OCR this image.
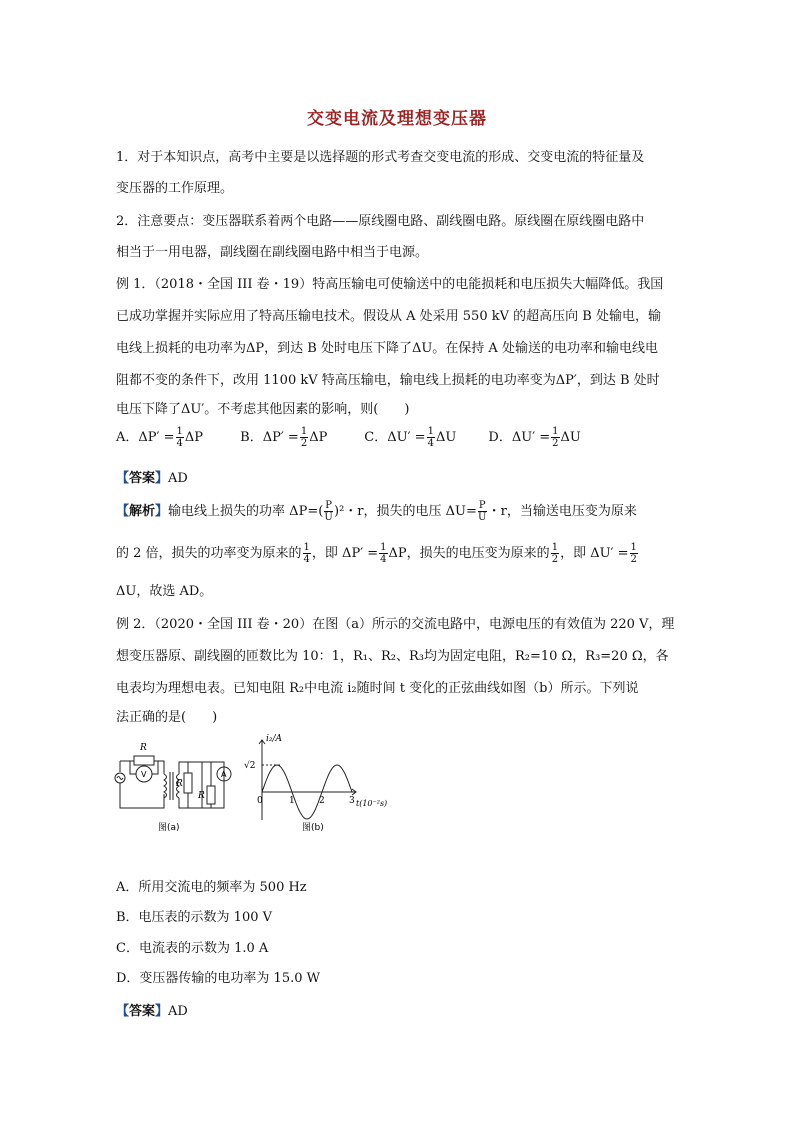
交变电流及理想变压器
1．对于本知识点，高考中主要是以选择题的形式考查交变电流的形成、交变电流的特征量及
变压器的工作原理。
2．注意要点：变压器联系着两个电路——原线圈电路、副线圈电路。原线圈在原线圈电路中
相当于一用电器，副线圈在副线圈电路中相当于电源。
例 1．（2018・全国 III 卷・19）特高压输电可使输送中的电能损耗和电压损失大幅降低。我国
已成功掌握并实际应用了特高压输电技术。假设从 A 处采用 550 kV 的超高压向 B 处输电，输
电线上损耗的电功率为ΔP，到达 B 处时电压下降了ΔU。在保持 A 处输送的电功率和输电线电
阻都不变的条件下，改用 1100 kV 特高压输电，输电线上损耗的电功率变为ΔP′，到达 B 处时
电压下降了ΔU′。不考虑其他因素的影响，则(　　)
A．$\Delta P' = \frac{1}{4}$ ΔP	B．$\Delta P' = \frac{1}{2}$ ΔP	C．$\Delta U' = \frac{1}{4}$ ΔU D．$\Delta U' = \frac{1}{2}$ ΔU
【答案】AD
【解析】输电线上损失的功率 $\Delta P=( \frac{P}{U} )^2$・r，损失的电压 $\Delta U= \frac{P}{U}$ ・r，当输送电压变为原来
的 2 倍，损失的功率变为原来的 $\frac{1}{4}$ ，即 $\Delta P' = \frac{1}{4}$ ΔP，损失的电压变为原来的 $\frac{1}{2}$ ，即 $\Delta U' = \frac{1}{2}$
ΔU，故选 AD。
例 2．（2020・全国 III 卷・20）在图（a）所示的交流电路中，电源电压的有效值为 220 V，理
想变压器原、副线圈的匝数比为 10：1，R₁、R₂、R₃均为固定电阻，R₂=10 Ω，R₃=20 Ω，各
电表均为理想电表。已知电阻 R₂中电流 i₂随时间 t 变化的正弦曲线如图（b）所示。下列说
法正确的是(　　)
R
R
R
V	A
图(a)
i₂/A
√2
t(10⁻²s)
0	1	2	3
图(b)
A．所用交流电的频率为 500 Hz
B．电压表的示数为 100 V
C．电流表的示数为 1.0 A
D．变压器传输的电功率为 15.0 W
【答案】AD
